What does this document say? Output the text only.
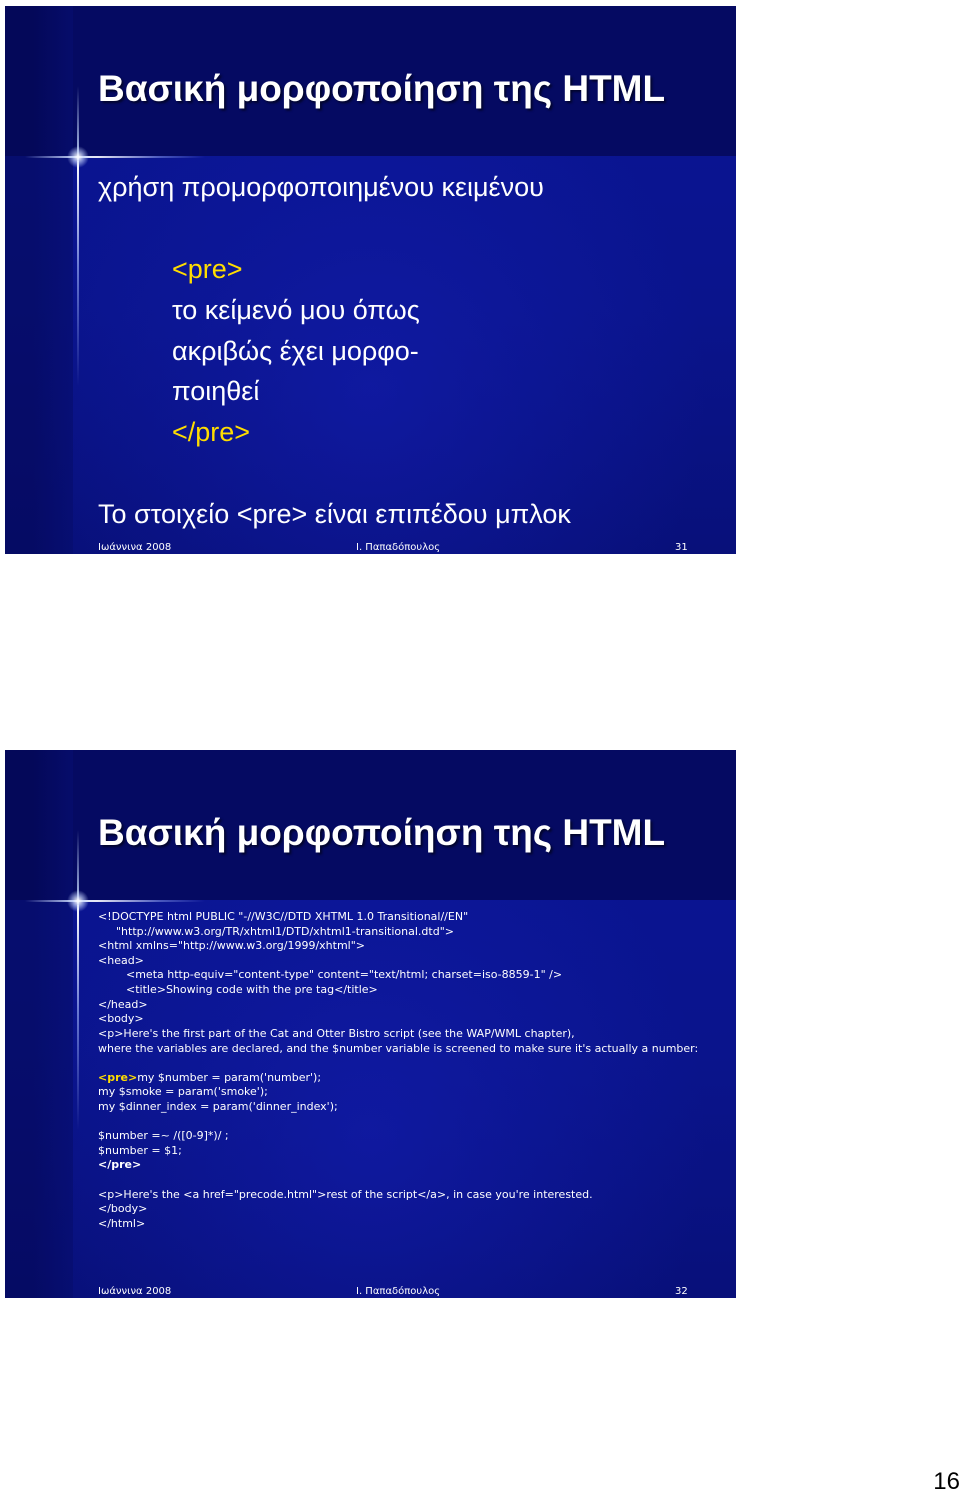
Βασική μορφοποίηση της HTML
χρήση προμορφοποιημένου κειμένου
<pre>
το κείμενό μου όπως
ακριβώς έχει μορφο-
ποιηθεί
</pre>
Το στοιχείο <pre> είναι επιπέδου μπλοκ
Ιωάννινα 2008	Ι. Παπαδόπουλος	31
Βασική μορφοποίηση της HTML
<!DOCTYPE html PUBLIC "-//W3C//DTD XHTML 1.0 Transitional//EN"
"http://www.w3.org/TR/xhtml1/DTD/xhtml1-transitional.dtd">
<html xmlns="http://www.w3.org/1999/xhtml">
<head>
<meta http-equiv="content-type" content="text/html; charset=iso-8859-1" />
<title>Showing code with the pre tag</title>
</head>
<body>
<p>Here's the first part of the Cat and Otter Bistro script (see the WAP/WML chapter),
where the variables are declared, and the $number variable is screened to make sure it's actually a number:
<pre>my $number = param('number');
my $smoke = param('smoke');
my $dinner_index = param('dinner_index');
$number =~ /([0-9]*)/ ;
$number = $1;
</pre>
<p>Here's the <a href="precode.html">rest of the script</a>, in case you're interested.
</body>
</html>
Ιωάννινα 2008	Ι. Παπαδόπουλος	32
16
